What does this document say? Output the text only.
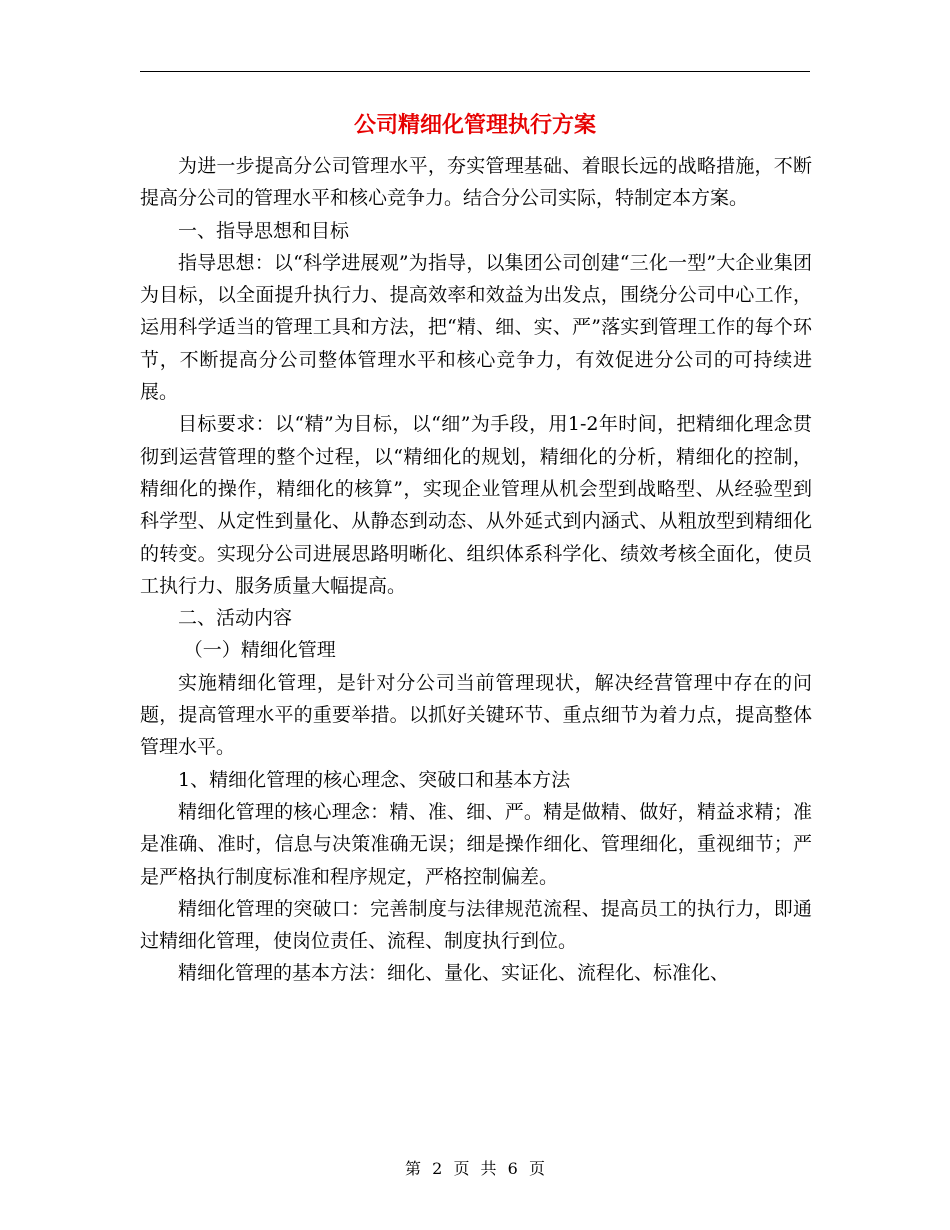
公司精细化管理执行方案

为进一步提高分公司管理水平，夯实管理基础、着眼长远的战略措施，不断提高分公司的管理水平和核心竞争力。结合分公司实际，特制定本方案。

一、指导思想和目标

指导思想：以“科学进展观”为指导，以集团公司创建“三化一型”大企业集团为目标，以全面提升执行力、提高效率和效益为出发点，围绕分公司中心工作，运用科学适当的管理工具和方法，把“精、细、实、严”落实到管理工作的每个环节，不断提高分公司整体管理水平和核心竞争力，有效促进分公司的可持续进展。

目标要求：以“精”为目标，以“细”为手段，用1-2年时间，把精细化理念贯彻到运营管理的整个过程，以“精细化的规划，精细化的分析，精细化的控制，精细化的操作，精细化的核算”，实现企业管理从机会型到战略型、从经验型到科学型、从定性到量化、从静态到动态、从外延式到内涵式、从粗放型到精细化的转变。实现分公司进展思路明晰化、组织体系科学化、绩效考核全面化，使员工执行力、服务质量大幅提高。

二、活动内容

（一）精细化管理

实施精细化管理，是针对分公司当前管理现状，解决经营管理中存在的问题，提高管理水平的重要举措。以抓好关键环节、重点细节为着力点，提高整体管理水平。

1、精细化管理的核心理念、突破口和基本方法

精细化管理的核心理念：精、准、细、严。精是做精、做好，精益求精；准是准确、准时，信息与决策准确无误；细是操作细化、管理细化，重视细节；严是严格执行制度标准和程序规定，严格控制偏差。

精细化管理的突破口：完善制度与法律规范流程、提高员工的执行力，即通过精细化管理，使岗位责任、流程、制度执行到位。

精细化管理的基本方法：细化、量化、实证化、流程化、标准化、

第 2 页 共 6 页
